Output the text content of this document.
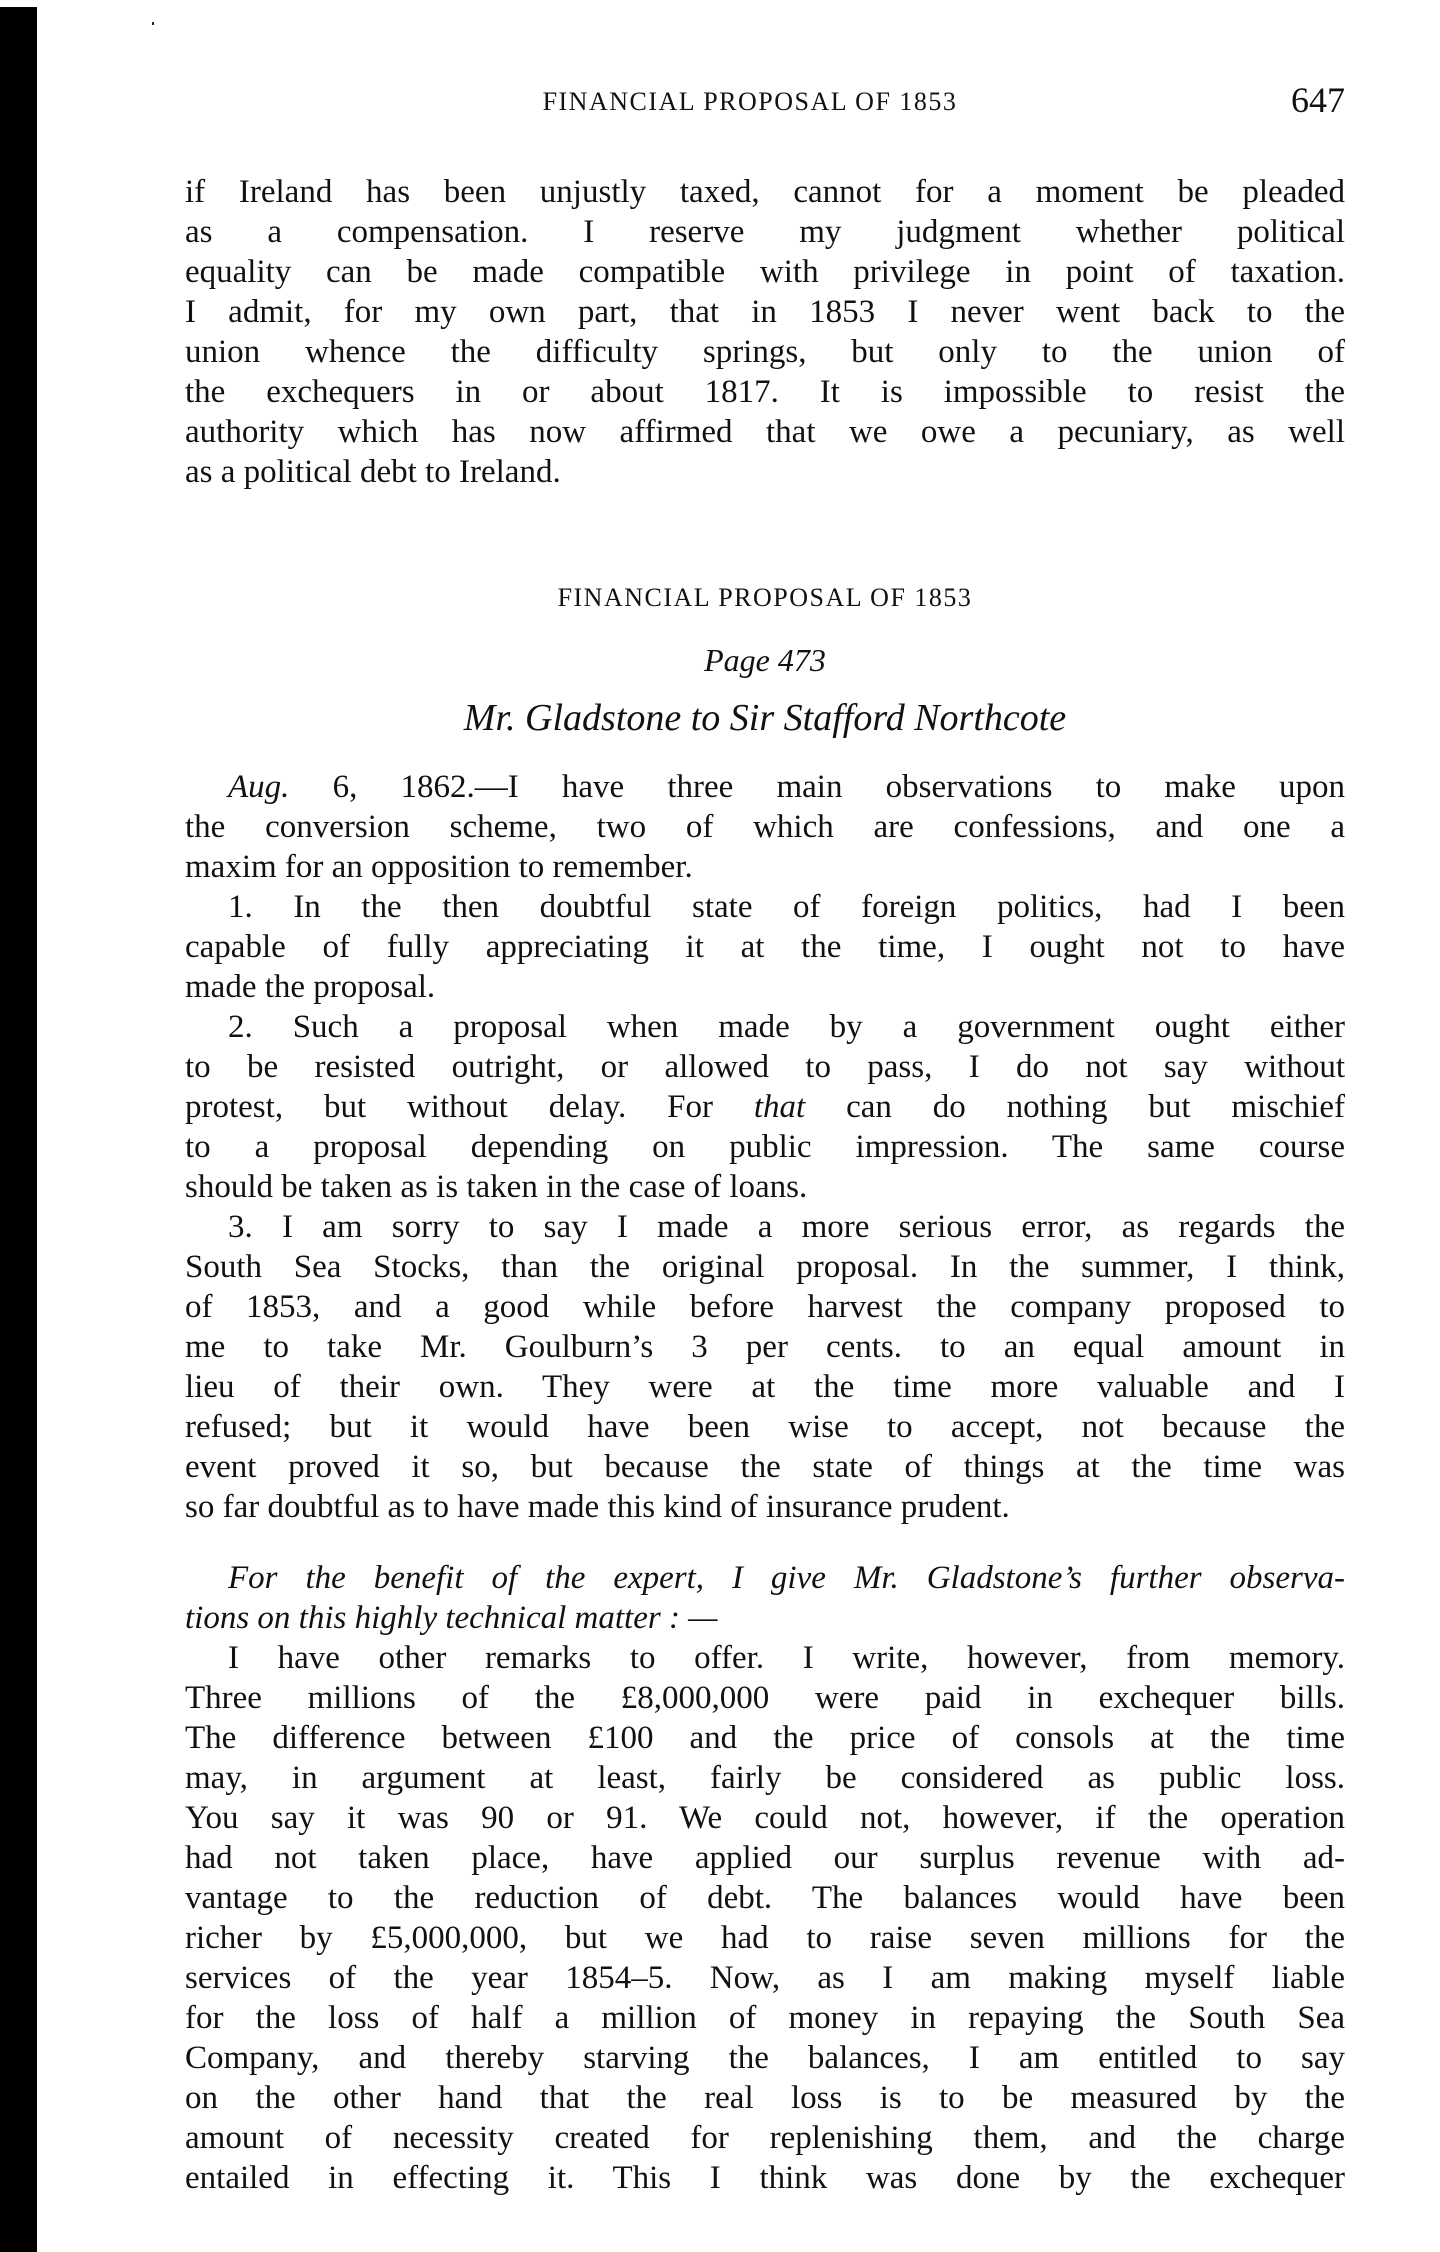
FINANCIAL PROPOSAL OF 1853	647
if Ireland has been unjustly taxed, cannot for a moment be pleaded
as a compensation. I reserve my judgment whether political
equality can be made compatible with privilege in point of taxation.
I admit, for my own part, that in 1853 I never went back to the
union whence the difficulty springs, but only to the union of
the exchequers in or about 1817. It is impossible to resist the
authority which has now affirmed that we owe a pecuniary, as well
as a political debt to Ireland.
FINANCIAL PROPOSAL OF 1853
Page 473
Mr. Gladstone to Sir Stafford Northcote
Aug. 6, 1862.—I have three main observations to make upon
the conversion scheme, two of which are confessions, and one a
maxim for an opposition to remember.
1. In the then doubtful state of foreign politics, had I been
capable of fully appreciating it at the time, I ought not to have
made the proposal.
2. Such a proposal when made by a government ought either
to be resisted outright, or allowed to pass, I do not say without
protest, but without delay. For that can do nothing but mischief
to a proposal depending on public impression. The same course
should be taken as is taken in the case of loans.
3. I am sorry to say I made a more serious error, as regards the
South Sea Stocks, than the original proposal. In the summer, I think,
of 1853, and a good while before harvest the company proposed to
me to take Mr. Goulburn’s 3 per cents. to an equal amount in
lieu of their own. They were at the time more valuable and I
refused; but it would have been wise to accept, not because the
event proved it so, but because the state of things at the time was
so far doubtful as to have made this kind of insurance prudent.
For the benefit of the expert, I give Mr. Gladstone’s further observa-
tions on this highly technical matter : —
I have other remarks to offer. I write, however, from memory.
Three millions of the £8,000,000 were paid in exchequer bills.
The difference between £100 and the price of consols at the time
may, in argument at least, fairly be considered as public loss.
You say it was 90 or 91. We could not, however, if the operation
had not taken place, have applied our surplus revenue with ad-
vantage to the reduction of debt. The balances would have been
richer by £5,000,000, but we had to raise seven millions for the
services of the year 1854–5. Now, as I am making myself liable
for the loss of half a million of money in repaying the South Sea
Company, and thereby starving the balances, I am entitled to say
on the other hand that the real loss is to be measured by the
amount of necessity created for replenishing them, and the charge
entailed in effecting it. This I think was done by the exchequer
